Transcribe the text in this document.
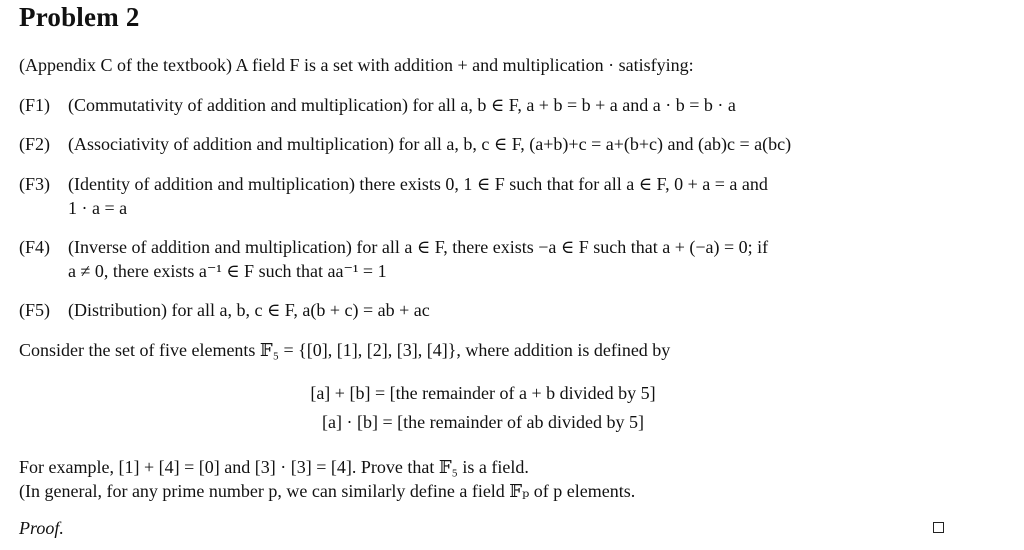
Problem 2
(Appendix C of the textbook) A field F is a set with addition + and multiplication · satisfying:
(F1) (Commutativity of addition and multiplication) for all a, b ∈ F, a + b = b + a and a · b = b · a
(F2) (Associativity of addition and multiplication) for all a, b, c ∈ F, (a+b)+c = a+(b+c) and (ab)c = a(bc)
(F3) (Identity of addition and multiplication) there exists 0, 1 ∈ F such that for all a ∈ F, 0 + a = a and
1 · a = a
(F4) (Inverse of addition and multiplication) for all a ∈ F, there exists −a ∈ F such that a + (−a) = 0; if
a ≠ 0, there exists a⁻¹ ∈ F such that aa⁻¹ = 1
(F5) (Distribution) for all a, b, c ∈ F, a(b + c) = ab + ac
Consider the set of five elements 𝔽₅ = {[0], [1], [2], [3], [4]}, where addition is defined by
[a] + [b] = [the remainder of a + b divided by 5]
[a] · [b] = [the remainder of ab divided by 5]
For example, [1] + [4] = [0] and [3] · [3] = [4]. Prove that 𝔽₅ is a field.
(In general, for any prime number p, we can similarly define a field 𝔽ₚ of p elements.
Proof.
